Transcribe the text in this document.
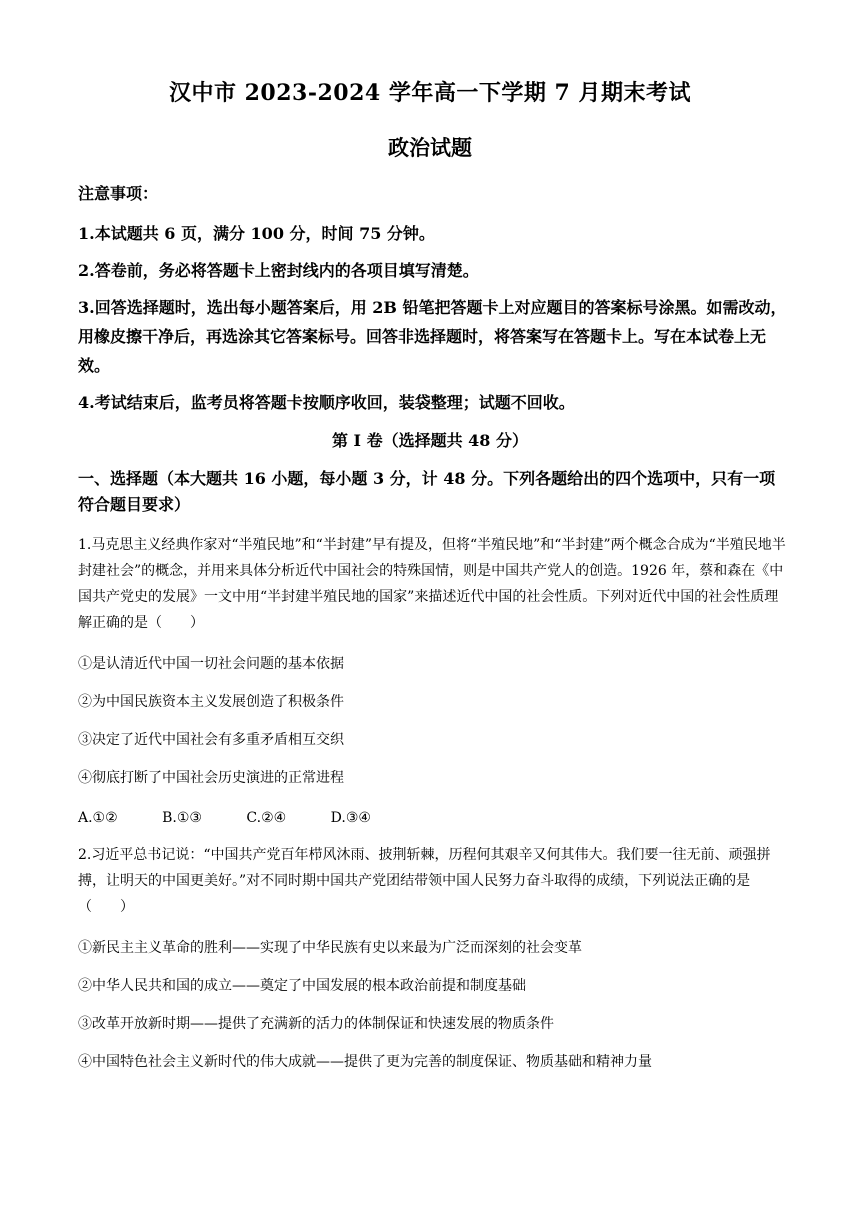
汉中市 2023-2024 学年高一下学期 7 月期末考试
政治试题
注意事项：
1.本试题共 6 页，满分 100 分，时间 75 分钟。
2.答卷前，务必将答题卡上密封线内的各项目填写清楚。
3.回答选择题时，选出每小题答案后，用 2B 铅笔把答题卡上对应题目的答案标号涂黑。如需改动，用橡皮擦干净后，再选涂其它答案标号。回答非选择题时，将答案写在答题卡上。写在本试卷上无效。
4.考试结束后，监考员将答题卡按顺序收回，装袋整理；试题不回收。
第 I 卷（选择题共 48 分）
一、选择题（本大题共 16 小题，每小题 3 分，计 48 分。下列各题给出的四个选项中，只有一项符合题目要求）
1.马克思主义经典作家对“半殖民地”和“半封建”早有提及，但将“半殖民地”和“半封建”两个概念合成为“半殖民地半封建社会”的概念，并用来具体分析近代中国社会的特殊国情，则是中国共产党人的创造。1926 年，蔡和森在《中国共产党史的发展》一文中用“半封建半殖民地的国家”来描述近代中国的社会性质。下列对近代中国的社会性质理解正确的是（　　）
①是认清近代中国一切社会问题的基本依据
②为中国民族资本主义发展创造了积极条件
③决定了近代中国社会有多重矛盾相互交织
④彻底打断了中国社会历史演进的正常进程
A.①②	B.①③	C.②④	D.③④
2.习近平总书记说：“中国共产党百年栉风沐雨、披荆斩棘，历程何其艰辛又何其伟大。我们要一往无前、顽强拼搏，让明天的中国更美好。”对不同时期中国共产党团结带领中国人民努力奋斗取得的成绩，下列说法正确的是（　　）
①新民主主义革命的胜利——实现了中华民族有史以来最为广泛而深刻的社会变革
②中华人民共和国的成立——奠定了中国发展的根本政治前提和制度基础
③改革开放新时期——提供了充满新的活力的体制保证和快速发展的物质条件
④中国特色社会主义新时代的伟大成就——提供了更为完善的制度保证、物质基础和精神力量
